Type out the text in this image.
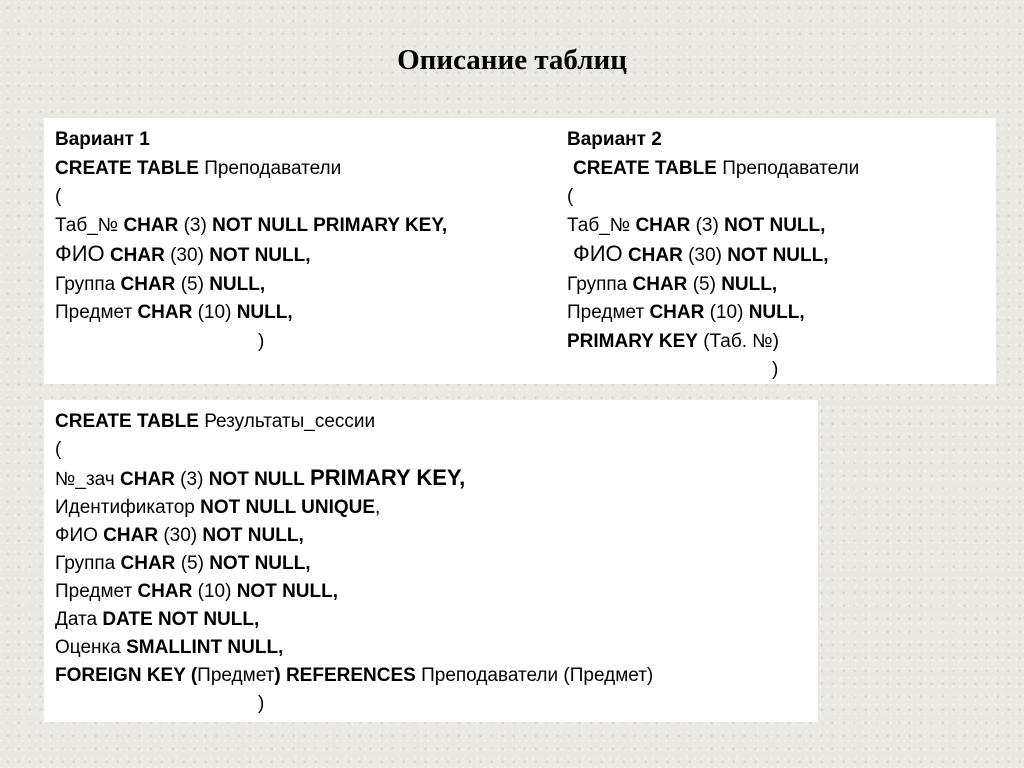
Описание таблиц
Вариант 1
CREATE TABLE Преподаватели
(
Таб_№ CHAR (3) NOT NULL PRIMARY KEY,
ФИО CHAR (30) NOT NULL,
Группа CHAR (5) NULL,
Предмет CHAR (10) NULL,
)
Вариант 2
CREATE TABLE Преподаватели
(
Таб_№ CHAR (3) NOT NULL,
ФИО CHAR (30) NOT NULL,
Группа CHAR (5) NULL,
Предмет CHAR (10) NULL,
PRIMARY KEY (Таб. №)
)
CREATE TABLE Результаты_сессии
(
№_зач CHAR (3) NOT NULL PRIMARY KEY,
Идентификатор NOT NULL UNIQUE,
ФИО CHAR (30) NOT NULL,
Группа CHAR (5) NOT NULL,
Предмет CHAR (10) NOT NULL,
Дата DATE NOT NULL,
Оценка SMALLINT NULL,
FOREIGN KEY (Предмет) REFERENCES Преподаватели (Предмет)
)
